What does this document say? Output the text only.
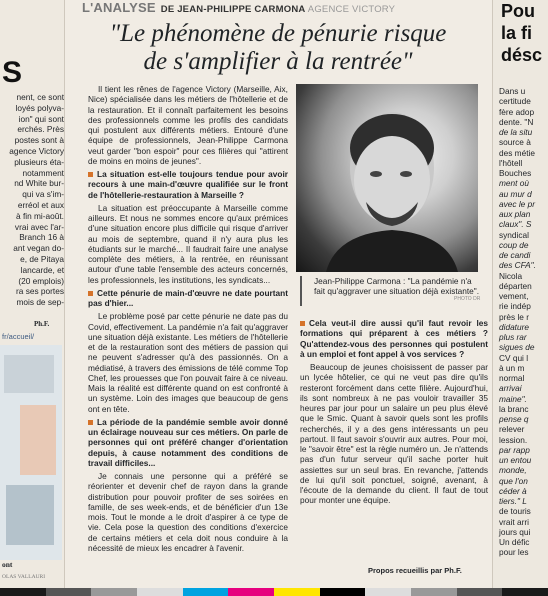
S
nent, ce sont
loyés polyva-
ion" qui sont
erchés. Près
postes sont à
agence Victory
plusieurs éta-
notamment
nd White bur-
qui va s'im-
erréol et aux
à fin mi-août.
vrai avec l'ar-
Branch 16 à
ant vegan do-
e, de Pitaya
lancarde, et
(20 emplois)
ra ses portes
mois de sep-
Ph.F.
fr/accueil/
ont
OLAS VALLAURI
L'ANALYSE DE JEAN-PHILIPPE CARMONA AGENCE VICTORY
"Le phénomène de pénurie risque
de s'amplifier à la rentrée"

Il tient les rênes de l'agence Victory (Marseille, Aix, Nice) spécialisée dans les métiers de l'hôtellerie et de la restauration. Et il connaît parfaitement les besoins des professionnels comme les profils des candidats qui postulent aux différents métiers. Entouré d'une équipe de professionnels, Jean-Philippe Carmona veut garder "bon espoir" pour ces filières qui "attirent de moins en moins de jeunes".

La situation est-elle toujours tendue pour avoir recours à une main-d'œuvre qualifiée sur le front de l'hôtellerie-restauration à Marseille ?

La situation est préoccupante à Marseille comme ailleurs. Et nous ne sommes encore qu'aux prémices d'une situation encore plus difficile qui risque d'arriver au mois de septembre, quand il n'y aura plus les étudiants sur le marché... Il faudrait faire une analyse complète des métiers, à la rentrée, en réunissant autour d'une table l'ensemble des acteurs concernés, les professionnels, les institutions, les syndicats...

Cette pénurie de main-d'œuvre ne date pourtant pas d'hier...

Le problème posé par cette pénurie ne date pas du Covid, effectivement. La pandémie n'a fait qu'aggraver une situation déjà existante. Les métiers de l'hôtellerie et de la restauration sont des métiers de passion qui ne peuvent s'adresser qu'à des passionnés. On a médiatisé, à travers des émissions de télé comme Top Chef, les prouesses que l'on pouvait faire à ce niveau. Mais la réalité est différente quand on est confronté à un système. Loin des images que beaucoup de gens ont en tête.

La période de la pandémie semble avoir donné un éclairage nouveau sur ces métiers. On parle de personnes qui ont préféré changer d'orientation depuis, à cause notamment des conditions de travail difficiles...

Je connais une personne qui a préféré se réorienter et devenir chef de rayon dans la grande distribution pour pouvoir profiter de ses soirées en famille, de ses week-ends, et de bénéficier d'un 13e mois. Tout le monde a le droit d'aspirer à ce type de vie. Cela pose la question des conditions d'exercice de certains métiers et cela doit nous conduire à la nécessité de mieux les encadrer à l'avenir.

Jean-Philippe Carmona : "La pandémie n'a fait qu'aggraver une situation déjà existante".
PHOTO DR

Cela veut-il dire aussi qu'il faut revoir les formations qui préparent à ces métiers ? Qu'attendez-vous des personnes qui postulent à un emploi et font appel à vos services ?

Beaucoup de jeunes choisissent de passer par un lycée hôtelier, ce qui ne veut pas dire qu'ils resteront forcément dans cette filière. Aujourd'hui, ils sont nombreux à ne pas vouloir travailler 35 heures par jour pour un salaire un peu plus élevé que le Smic. Quant à savoir quels sont les profils recherchés, il y a des gens intéressants un peu partout. Il faut savoir s'ouvrir aux autres. Pour moi, le "savoir être" est la règle numéro un. Je n'attends pas d'un futur serveur qu'il sache porter huit assiettes sur un seul bras. En revanche, j'attends de lui qu'il soit ponctuel, soigné, avenant, à l'écoute de la demande du client. Il faut de tout pour monter une équipe.

Propos recueillis par Ph.F.
Pou
la fi
désc
Dans u
certitude
fère adop
dente. "N
de la situ
source à
des métie
l'hôtell
Bouches
ment où
au mur d
avec le pr
aux plan
claux". S
syndical
coup de
de candi
des CFA".
Nicola
départen
vement,
rie indép
près le r
didature
plus rar
sigues de
CV qui l
à un m
normal
arrivai
maine".
la branc
pense q
relever
lession.
par rapp
un entou
monde,
que l'on
céder à
tiers." L
de touris
vrait arri
jours qui
Un défic
pour les
